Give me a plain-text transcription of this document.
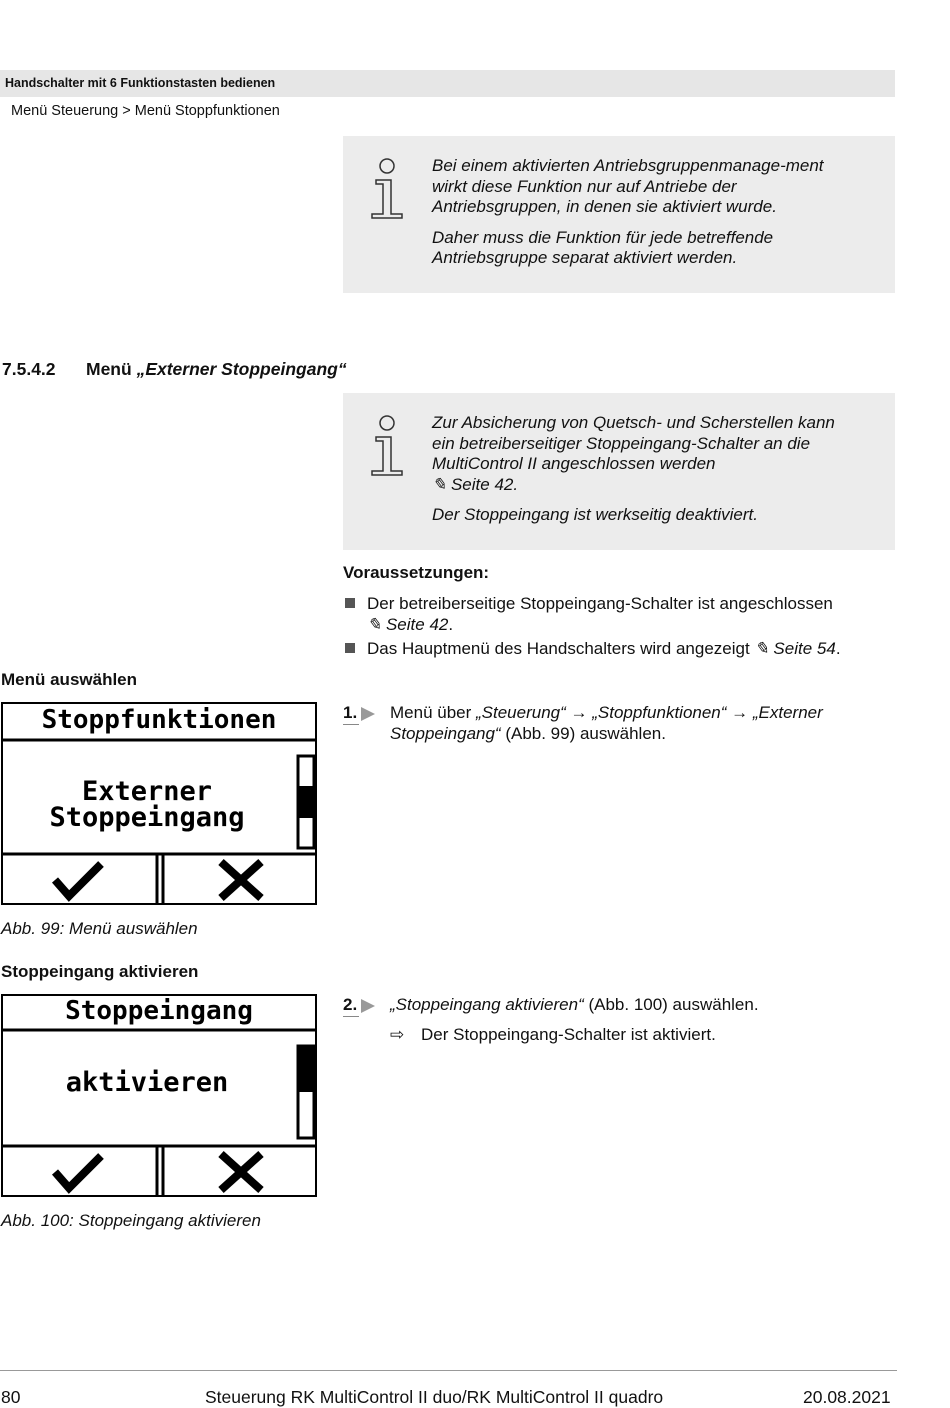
Handschalter mit 6 Funktionstasten bedienen
Menü Steuerung > Menü Stoppfunktionen

Bei einem aktivierten Antriebsgruppenmanage-ment wirkt diese Funktion nur auf Antriebe der Antriebsgruppen, in denen sie aktiviert wurde.

Daher muss die Funktion für jede betreffende Antriebsgruppe separat aktiviert werden.

7.5.4.2 Menü „Externer Stoppeingang“

Zur Absicherung von Quetsch- und Scherstellen kann ein betreiberseitiger Stoppeingang-Schalter an die MultiControl II angeschlossen werden
✎ Seite 42.

Der Stoppeingang ist werkseitig deaktiviert.

Voraussetzungen:
Der betreiberseitige Stoppeingang-Schalter ist angeschlossen
✎ Seite 42.
Das Hauptmenü des Handschalters wird angezeigt ✎ Seite 54.
Menü auswählen
Stoppfunktionen
Externer
Stoppeingang
Abb. 99: Menü auswählen
1. Menü über „Steuerung“ → „Stoppfunktionen“ → „Externer Stoppeingang“ (Abb. 99) auswählen.
Stoppeingang aktivieren
Stoppeingang
aktivieren
Abb. 100: Stoppeingang aktivieren
2. „Stoppeingang aktivieren“ (Abb. 100) auswählen.
⇨ Der Stoppeingang-Schalter ist aktiviert.
80	Steuerung RK MultiControl II duo/RK MultiControl II quadro	20.08.2021
